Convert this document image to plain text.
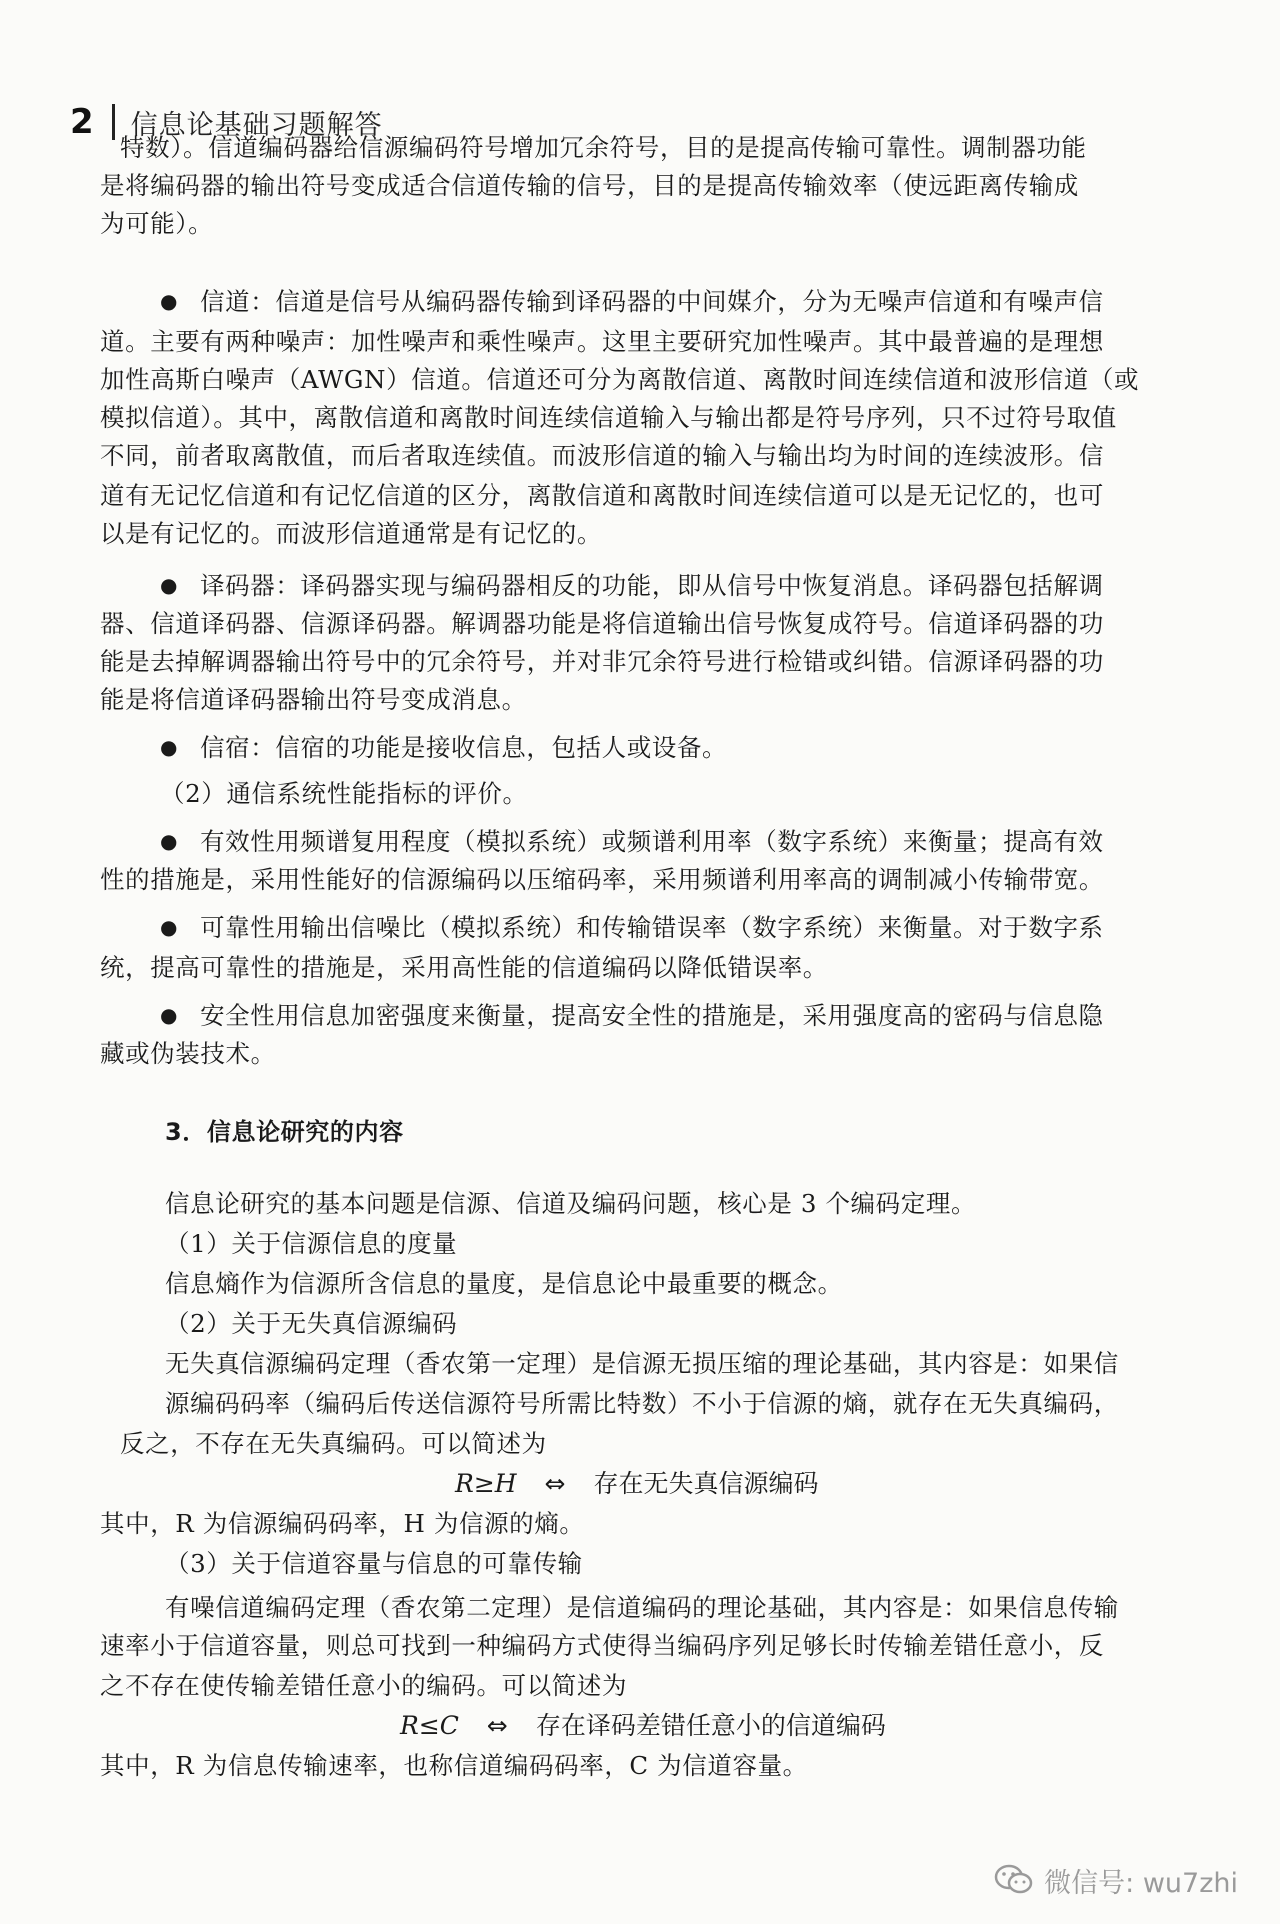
2 信息论基础习题解答
特数）。信道编码器给信源编码符号增加冗余符号，目的是提高传输可靠性。调制器功能
是将编码器的输出符号变成适合信道传输的信号，目的是提高传输效率（使远距离传输成
为可能）。
● 信道：信道是信号从编码器传输到译码器的中间媒介，分为无噪声信道和有噪声信
道。主要有两种噪声：加性噪声和乘性噪声。这里主要研究加性噪声。其中最普遍的是理想
加性高斯白噪声（AWGN）信道。信道还可分为离散信道、离散时间连续信道和波形信道（或
模拟信道）。其中，离散信道和离散时间连续信道输入与输出都是符号序列，只不过符号取值
不同，前者取离散值，而后者取连续值。而波形信道的输入与输出均为时间的连续波形。信
道有无记忆信道和有记忆信道的区分，离散信道和离散时间连续信道可以是无记忆的，也可
以是有记忆的。而波形信道通常是有记忆的。
● 译码器：译码器实现与编码器相反的功能，即从信号中恢复消息。译码器包括解调
器、信道译码器、信源译码器。解调器功能是将信道输出信号恢复成符号。信道译码器的功
能是去掉解调器输出符号中的冗余符号，并对非冗余符号进行检错或纠错。信源译码器的功
能是将信道译码器输出符号变成消息。
● 信宿：信宿的功能是接收信息，包括人或设备。
（2）通信系统性能指标的评价。
● 有效性用频谱复用程度（模拟系统）或频谱利用率（数字系统）来衡量；提高有效
性的措施是，采用性能好的信源编码以压缩码率，采用频谱利用率高的调制减小传输带宽。
● 可靠性用输出信噪比（模拟系统）和传输错误率（数字系统）来衡量。对于数字系
统，提高可靠性的措施是，采用高性能的信道编码以降低错误率。
● 安全性用信息加密强度来衡量，提高安全性的措施是，采用强度高的密码与信息隐
藏或伪装技术。
3．信息论研究的内容
信息论研究的基本问题是信源、信道及编码问题，核心是 3 个编码定理。
（1）关于信源信息的度量
信息熵作为信源所含信息的量度，是信息论中最重要的概念。
（2）关于无失真信源编码
无失真信源编码定理（香农第一定理）是信源无损压缩的理论基础，其内容是：如果信
源编码码率（编码后传送信源符号所需比特数）不小于信源的熵，就存在无失真编码，
反之，不存在无失真编码。可以简述为
R≥H ⇔ 存在无失真信源编码
其中，R 为信源编码码率，H 为信源的熵。
（3）关于信道容量与信息的可靠传输
有噪信道编码定理（香农第二定理）是信道编码的理论基础，其内容是：如果信息传输
速率小于信道容量，则总可找到一种编码方式使得当编码序列足够长时传输差错任意小，反
之不存在使传输差错任意小的编码。可以简述为
R≤C ⇔ 存在译码差错任意小的信道编码
其中，R 为信息传输速率，也称信道编码码率，C 为信道容量。
微信号: wu7zhi
